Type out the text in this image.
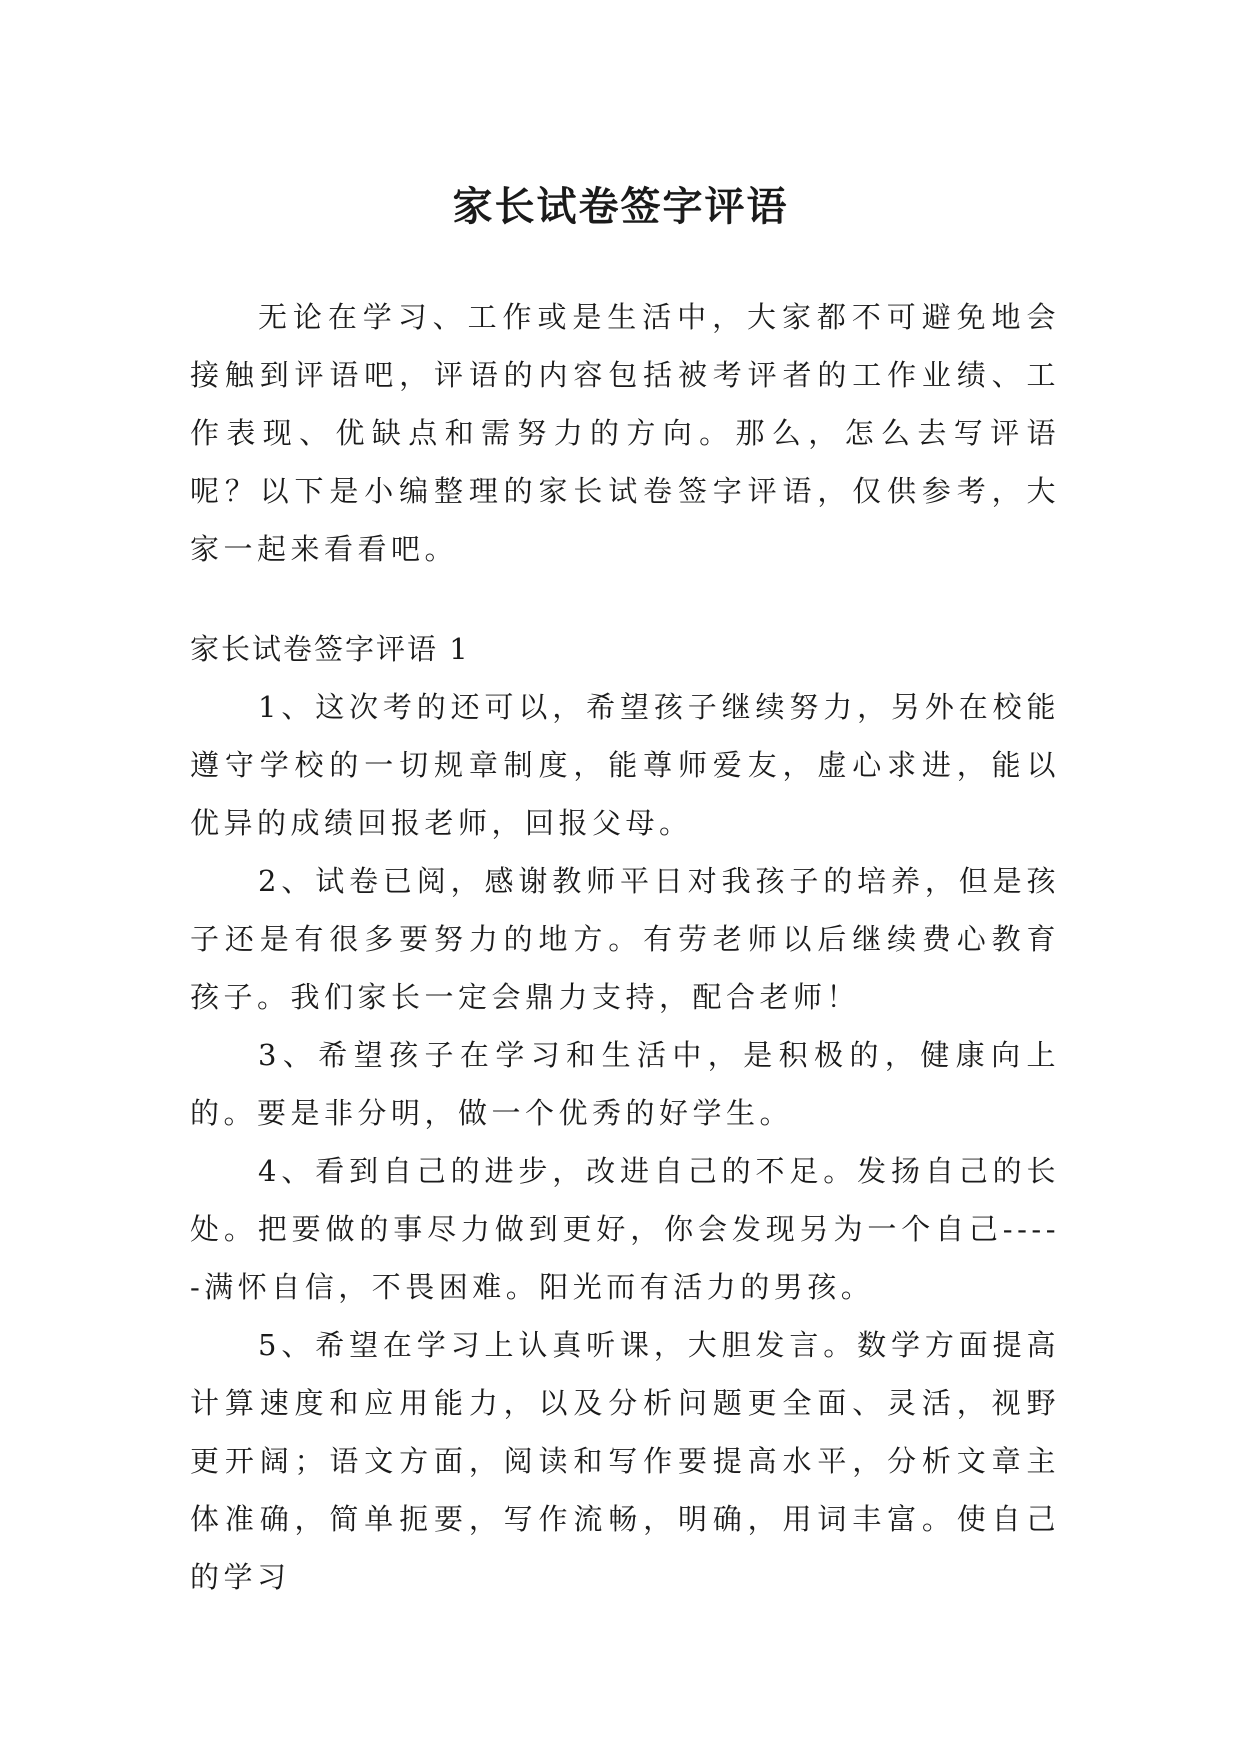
家长试卷签字评语

无论在学习、工作或是生活中，大家都不可避免地会接触到评语吧，评语的内容包括被考评者的工作业绩、工作表现、优缺点和需努力的方向。那么，怎么去写评语呢？以下是小编整理的家长试卷签字评语，仅供参考，大家一起来看看吧。

家长试卷签字评语 1

1、这次考的还可以，希望孩子继续努力，另外在校能遵守学校的一切规章制度，能尊师爱友，虚心求进，能以优异的成绩回报老师，回报父母。

2、试卷已阅，感谢教师平日对我孩子的培养，但是孩子还是有很多要努力的地方。有劳老师以后继续费心教育孩子。我们家长一定会鼎力支持，配合老师！

3、希望孩子在学习和生活中，是积极的，健康向上的。要是非分明，做一个优秀的好学生。

4、看到自己的进步，改进自己的不足。发扬自己的长处。把要做的事尽力做到更好，你会发现另为一个自己-----满怀自信，不畏困难。阳光而有活力的男孩。

5、希望在学习上认真听课，大胆发言。数学方面提高计算速度和应用能力，以及分析问题更全面、灵活，视野更开阔；语文方面，阅读和写作要提高水平，分析文章主体准确，简单扼要，写作流畅，明确，用词丰富。使自己的学习
